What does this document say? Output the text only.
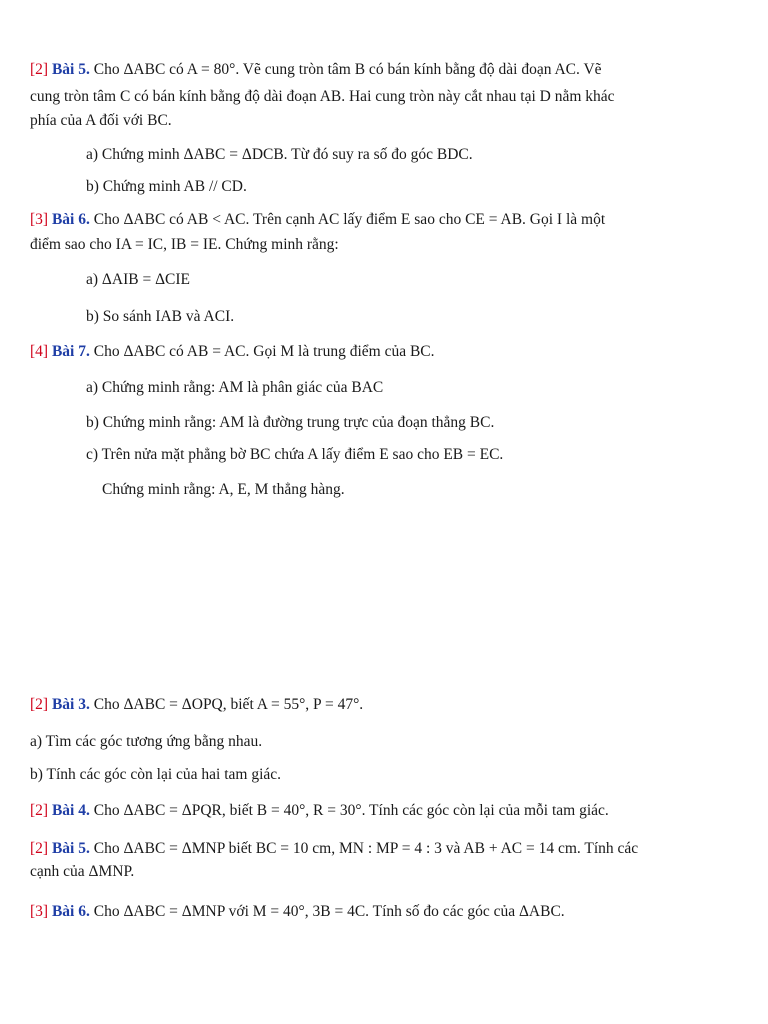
[2] Bài 5. Cho ΔABC có A = 80°. Vẽ cung tròn tâm B có bán kính bằng độ dài đoạn AC. Vẽ
cung tròn tâm C có bán kính bằng độ dài đoạn AB. Hai cung tròn này cắt nhau tại D nằm khác
phía của A đối với BC.
a) Chứng minh ΔABC = ΔDCB. Từ đó suy ra số đo góc BDC.
b) Chứng minh AB // CD.
[3] Bài 6. Cho ΔABC có AB < AC. Trên cạnh AC lấy điểm E sao cho CE = AB. Gọi I là một
điểm sao cho IA = IC, IB = IE. Chứng minh rằng:
a) ΔAIB = ΔCIE
b) So sánh IAB và ACI.
[4] Bài 7. Cho ΔABC có AB = AC. Gọi M là trung điểm của BC.
a) Chứng minh rằng: AM là phân giác của BAC
b) Chứng minh rằng: AM là đường trung trực của đoạn thẳng BC.
c) Trên nửa mặt phẳng bờ BC chứa A lấy điểm E sao cho EB = EC.
Chứng minh rằng: A, E, M thẳng hàng.
[2] Bài 3. Cho ΔABC = ΔOPQ, biết A = 55°, P = 47°.
a) Tìm các góc tương ứng bằng nhau.
b) Tính các góc còn lại của hai tam giác.
[2] Bài 4. Cho ΔABC = ΔPQR, biết B = 40°, R = 30°. Tính các góc còn lại của mỗi tam giác.
[2] Bài 5. Cho ΔABC = ΔMNP biết BC = 10 cm, MN : MP = 4 : 3 và AB + AC = 14 cm. Tính các
cạnh của ΔMNP.
[3] Bài 6. Cho ΔABC = ΔMNP với M = 40°, 3B = 4C. Tính số đo các góc của ΔABC.
